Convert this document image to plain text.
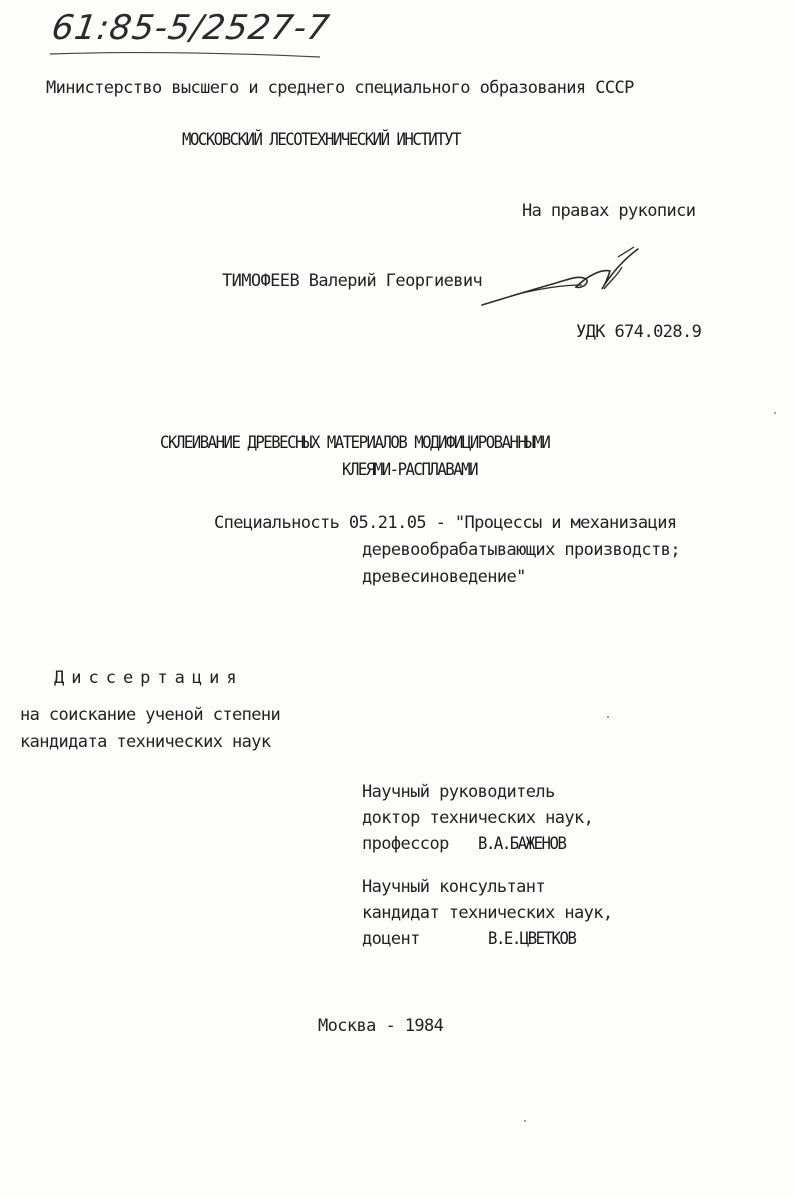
61:85-5/2527-7
Министерство высшего и среднего специального образования СССР
МОСКОВСКИЙ ЛЕСОТЕХНИЧЕСКИЙ ИНСТИТУТ
На правах рукописи
ТИМОФЕЕВ Валерий Георгиевич
УДК 674.028.9
СКЛЕИВАНИЕ ДРЕВЕСНЫХ МАТЕРИАЛОВ МОДИФИЦИРОВАННЫМИ
КЛЕЯМИ-РАСПЛАВАМИ
Специальность 05.21.05 - "Процессы и механизация
деревообрабатывающих производств;
древесиноведение"
Диссертация
на соискание ученой степени
кандидата технических наук
Научный руководитель
доктор технических наук,
профессор В.А.БАЖЕНОВ
Научный консультант
кандидат технических наук,
доцент	В.Е.ЦВЕТКОВ
Москва - 1984
